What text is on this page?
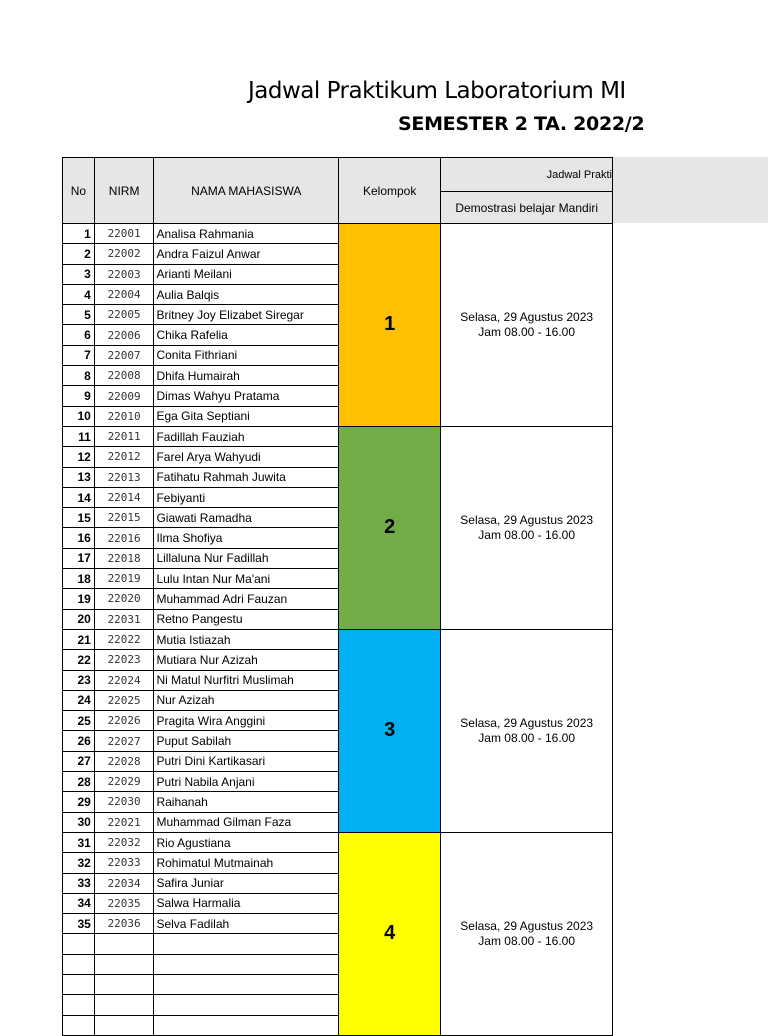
Jadwal Praktikum Laboratorium MI
SEMESTER 2 TA. 2022/2
No	NIRM	NAMA MAHASISWA	Kelompok	Jadwal Prakti
				Demostrasi belajar Mandiri
1	22001	Analisa Rahmania	1	Selasa, 29 Agustus 2023
Jam 08.00 - 16.00

2	22002	Andra Faizul Anwar		
3	22003	Arianti Meilani		
4	22004	Aulia Balqis		
5	22005	Britney Joy Elizabet Siregar		
6	22006	Chika Rafelia		
7	22007	Conita Fithriani		
8	22008	Dhifa Humairah		
9	22009	Dimas Wahyu Pratama		
10	22010	Ega Gita Septiani		
11	22011	Fadillah Fauziah	2	Selasa, 29 Agustus 2023
Jam 08.00 - 16.00

12	22012	Farel Arya Wahyudi		
13	22013	Fatihatu Rahmah Juwita		
14	22014	Febiyanti		
15	22015	Giawati Ramadha		
16	22016	Ilma Shofiya		
17	22018	Lillaluna Nur Fadillah		
18	22019	Lulu Intan Nur Ma'ani		
19	22020	Muhammad Adri Fauzan		
20	22031	Retno Pangestu		
21	22022	Mutia Istiazah	3	Selasa, 29 Agustus 2023
Jam 08.00 - 16.00

22	22023	Mutiara Nur Azizah		
23	22024	Ni Matul Nurfitri Muslimah		
24	22025	Nur Azizah		
25	22026	Pragita Wira Anggini		
26	22027	Puput Sabilah		
27	22028	Putri Dini Kartikasari		
28	22029	Putri Nabila Anjani		
29	22030	Raihanah		
30	22021	Muhammad Gilman Faza		
31	22032	Rio Agustiana	4	Selasa, 29 Agustus 2023
Jam 08.00 - 16.00

32	22033	Rohimatul Mutmainah		
33	22034	Safira Juniar		
34	22035	Salwa Harmalia		
35	22036	Selva Fadilah		
